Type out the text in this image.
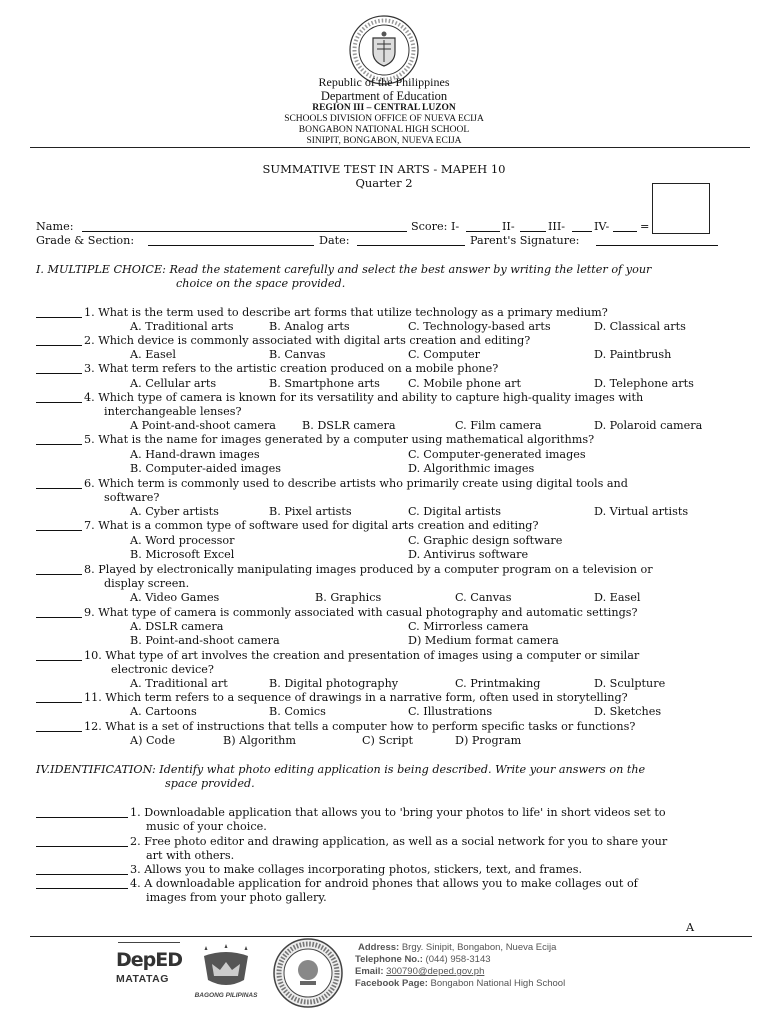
Republic of the Philippines
Department of Education
REGION III – CENTRAL LUZON
SCHOOLS DIVISION OFFICE OF NUEVA ECIJA
BONGABON NATIONAL HIGH SCHOOL
SINIPIT, BONGABON, NUEVA ECIJA
SUMMATIVE TEST IN ARTS - MAPEH 10
Quarter 2
Name:	Score: I-	II-	III-	IV-	=
Grade & Section:	Date:	Parent's Signature:
I. MULTIPLE CHOICE: Read the statement carefully and select the best answer by writing the letter of your
choice on the space provided.
1. What is the term used to describe art forms that utilize technology as a primary medium?
A. Traditional arts	B. Analog arts	C. Technology-based arts	D. Classical arts
2. Which device is commonly associated with digital arts creation and editing?
A. Easel	B. Canvas	C. Computer	D. Paintbrush
3. What term refers to the artistic creation produced on a mobile phone?
A. Cellular arts	B. Smartphone arts	C. Mobile phone art	D. Telephone arts
4. Which type of camera is known for its versatility and ability to capture high-quality images with
interchangeable lenses?
A Point-and-shoot camera B. DSLR camera	C. Film camera	D. Polaroid camera
5. What is the name for images generated by a computer using mathematical algorithms?
A. Hand-drawn images	C. Computer-generated images
B. Computer-aided images	D. Algorithmic images
6. Which term is commonly used to describe artists who primarily create using digital tools and
software?
A. Cyber artists	B. Pixel artists	C. Digital artists	D. Virtual artists
7. What is a common type of software used for digital arts creation and editing?
A. Word processor	C. Graphic design software
B. Microsoft Excel	D. Antivirus software
8. Played by electronically manipulating images produced by a computer program on a television or
display screen.
A. Video Games	B. Graphics	C. Canvas	D. Easel
9. What type of camera is commonly associated with casual photography and automatic settings?
A. DSLR camera	C. Mirrorless camera
B. Point-and-shoot camera	D) Medium format camera
10. What type of art involves the creation and presentation of images using a computer or similar
electronic device?
A. Traditional art	B. Digital photography	C. Printmaking	D. Sculpture
11. Which term refers to a sequence of drawings in a narrative form, often used in storytelling?
A. Cartoons	B. Comics	C. Illustrations	D. Sketches
12. What is a set of instructions that tells a computer how to perform specific tasks or functions?
A) Code	B) Algorithm	C) Script	D) Program
IV.IDENTIFICATION: Identify what photo editing application is being described. Write your answers on the
space provided.
1. Downloadable application that allows you to 'bring your photos to life' in short videos set to
music of your choice.
2. Free photo editor and drawing application, as well as a social network for you to share your
art with others.
3. Allows you to make collages incorporating photos, stickers, text, and frames.
4. A downloadable application for android phones that allows you to make collages out of
images from your photo gallery.
A
DepED
MATATAG
BAGONG PILIPINAS
Address: Brgy. Sinipit, Bongabon, Nueva Ecija
Telephone No.: (044) 958-3143
Email: 300790@deped.gov.ph
Facebook Page: Bongabon National High School
